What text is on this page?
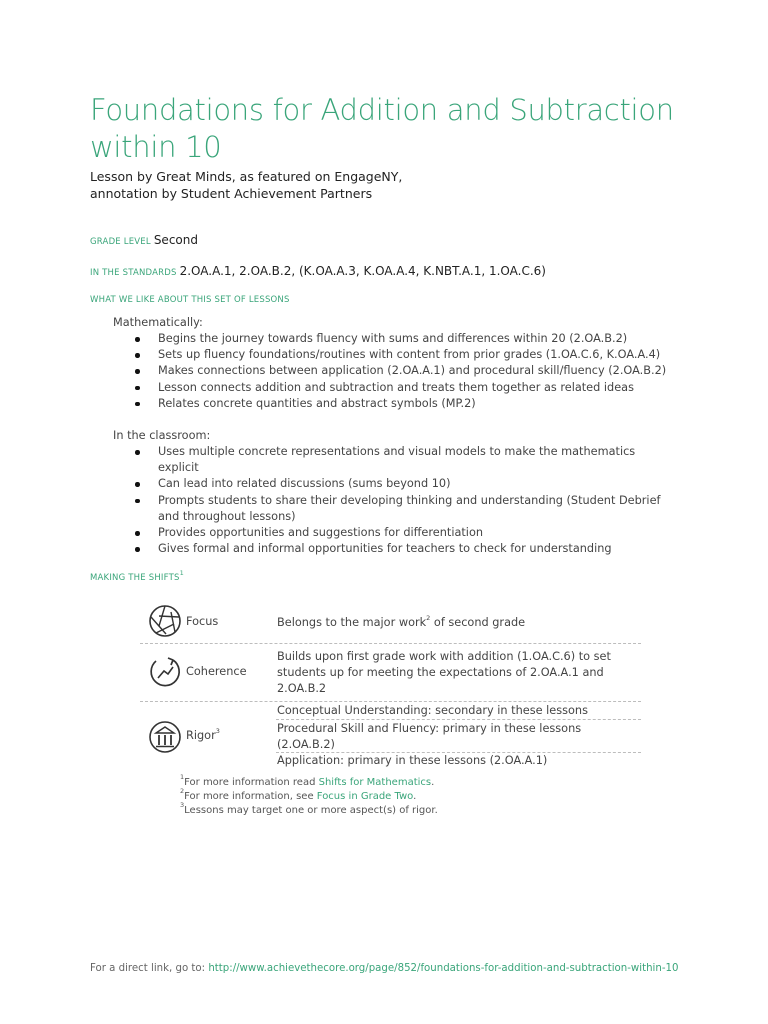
Foundations for Addition and Subtraction within 10
Lesson by Great Minds, as featured on EngageNY,
annotation by Student Achievement Partners
GRADE LEVEL Second
IN THE STANDARDS 2.OA.A.1, 2.OA.B.2, (K.OA.A.3, K.OA.A.4, K.NBT.A.1, 1.OA.C.6)
WHAT WE LIKE ABOUT THIS SET OF LESSONS
Mathematically:
Begins the journey towards fluency with sums and differences within 20 (2.OA.B.2)
Sets up fluency foundations/routines with content from prior grades (1.OA.C.6, K.OA.A.4)
Makes connections between application (2.OA.A.1) and procedural skill/fluency (2.OA.B.2)
Lesson connects addition and subtraction and treats them together as related ideas
Relates concrete quantities and abstract symbols (MP.2)
In the classroom:
Uses multiple concrete representations and visual models to make the mathematics explicit
Can lead into related discussions (sums beyond 10)
Prompts students to share their developing thinking and understanding (Student Debrief and throughout lessons)
Provides opportunities and suggestions for differentiation
Gives formal and informal opportunities for teachers to check for understanding
MAKING THE SHIFTS$^1$
Focus	Belongs to the major work$^2$ of second grade
Coherence
Builds upon first grade work with addition (1.OA.C.6) to set students up for meeting the expectations of 2.OA.A.1 and 2.OA.B.2
Rigor$^3$
Conceptual Understanding: secondary in these lessons
Procedural Skill and Fluency: primary in these lessons (2.OA.B.2)
Application: primary in these lessons (2.OA.A.1)
$^1$For more information read Shifts for Mathematics.
$^2$For more information, see Focus in Grade Two.
$^3$Lessons may target one or more aspect(s) of rigor.
For a direct link, go to: http://www.achievethecore.org/page/852/foundations-for-addition-and-subtraction-within-10
